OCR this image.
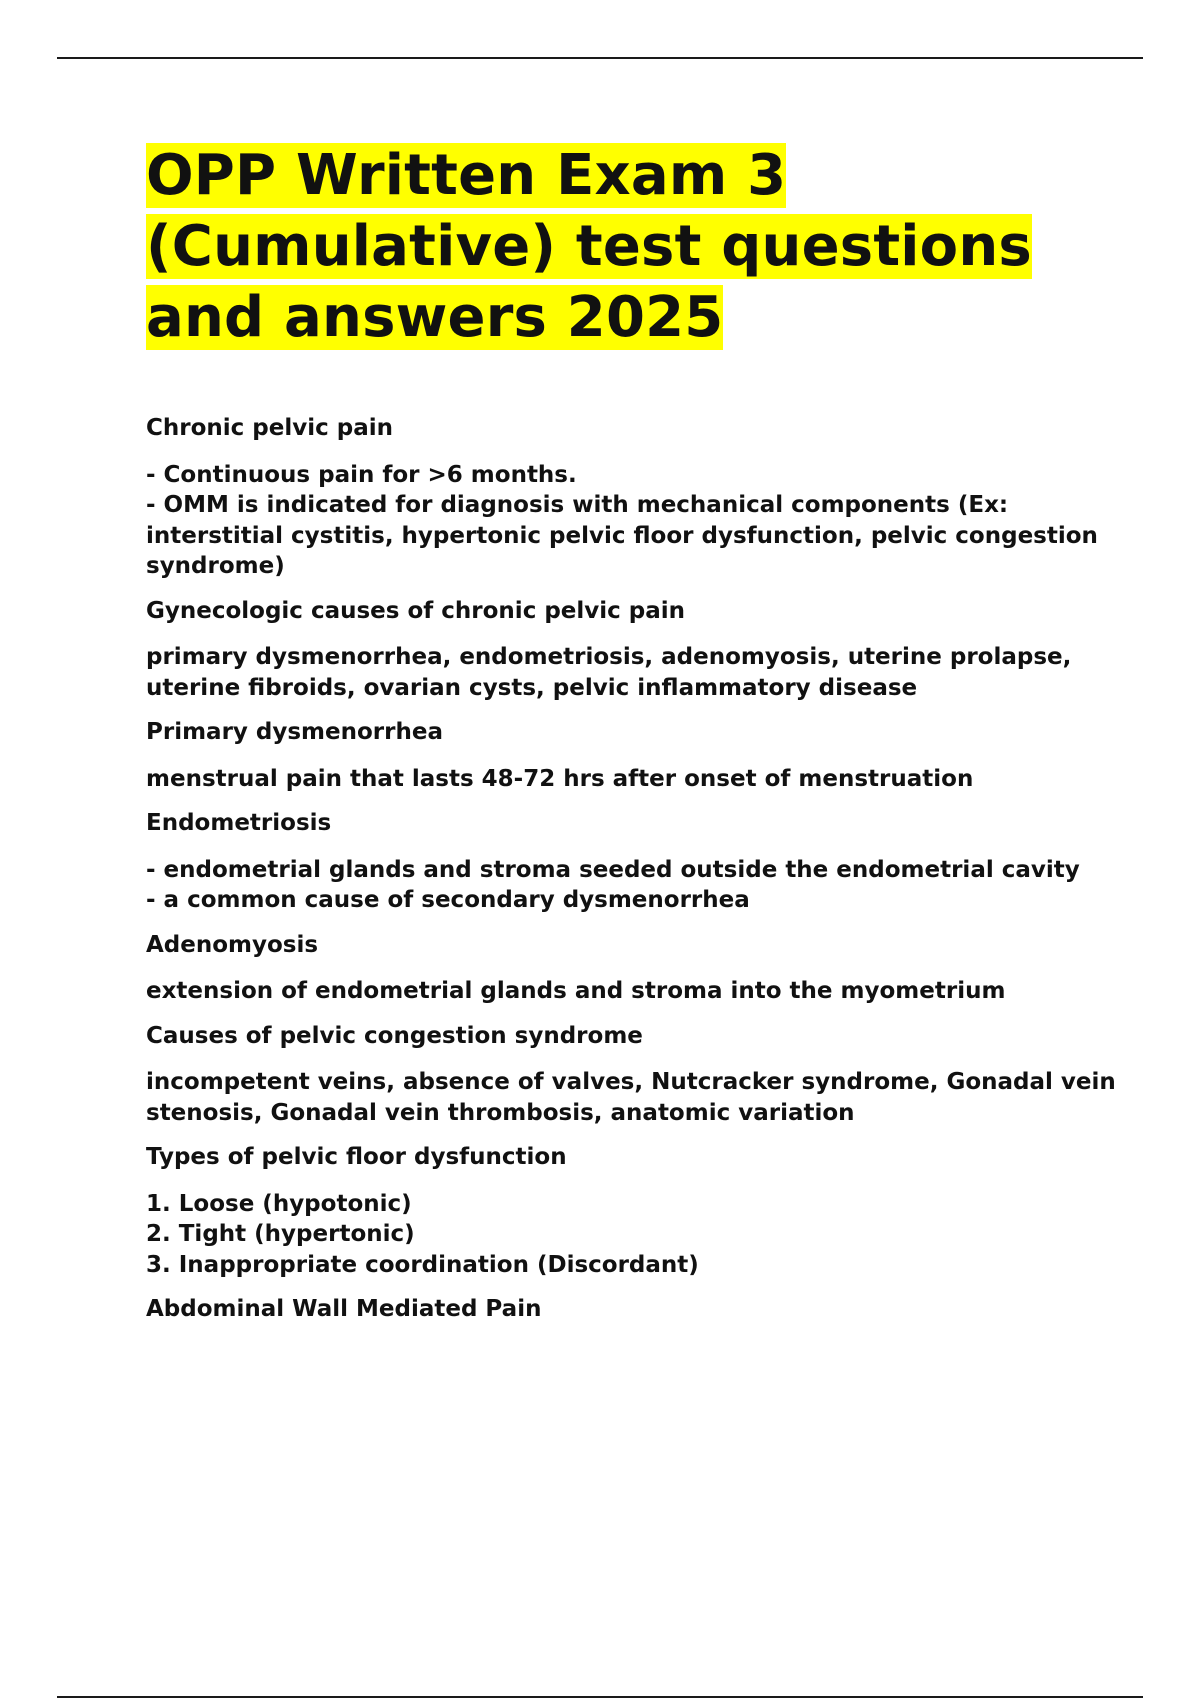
OPP Written Exam 3 (Cumulative) test questions and answers 2025

Chronic pelvic pain

- Continuous pain for >6 months.
- OMM is indicated for diagnosis with mechanical components (Ex: interstitial cystitis, hypertonic pelvic floor dysfunction, pelvic congestion syndrome)

Gynecologic causes of chronic pelvic pain

primary dysmenorrhea, endometriosis, adenomyosis, uterine prolapse, uterine fibroids, ovarian cysts, pelvic inflammatory disease

Primary dysmenorrhea

menstrual pain that lasts 48-72 hrs after onset of menstruation

Endometriosis

- endometrial glands and stroma seeded outside the endometrial cavity
- a common cause of secondary dysmenorrhea

Adenomyosis

extension of endometrial glands and stroma into the myometrium

Causes of pelvic congestion syndrome

incompetent veins, absence of valves, Nutcracker syndrome, Gonadal vein stenosis, Gonadal vein thrombosis, anatomic variation

Types of pelvic floor dysfunction

1. Loose (hypotonic)
2. Tight (hypertonic)
3. Inappropriate coordination (Discordant)

Abdominal Wall Mediated Pain
